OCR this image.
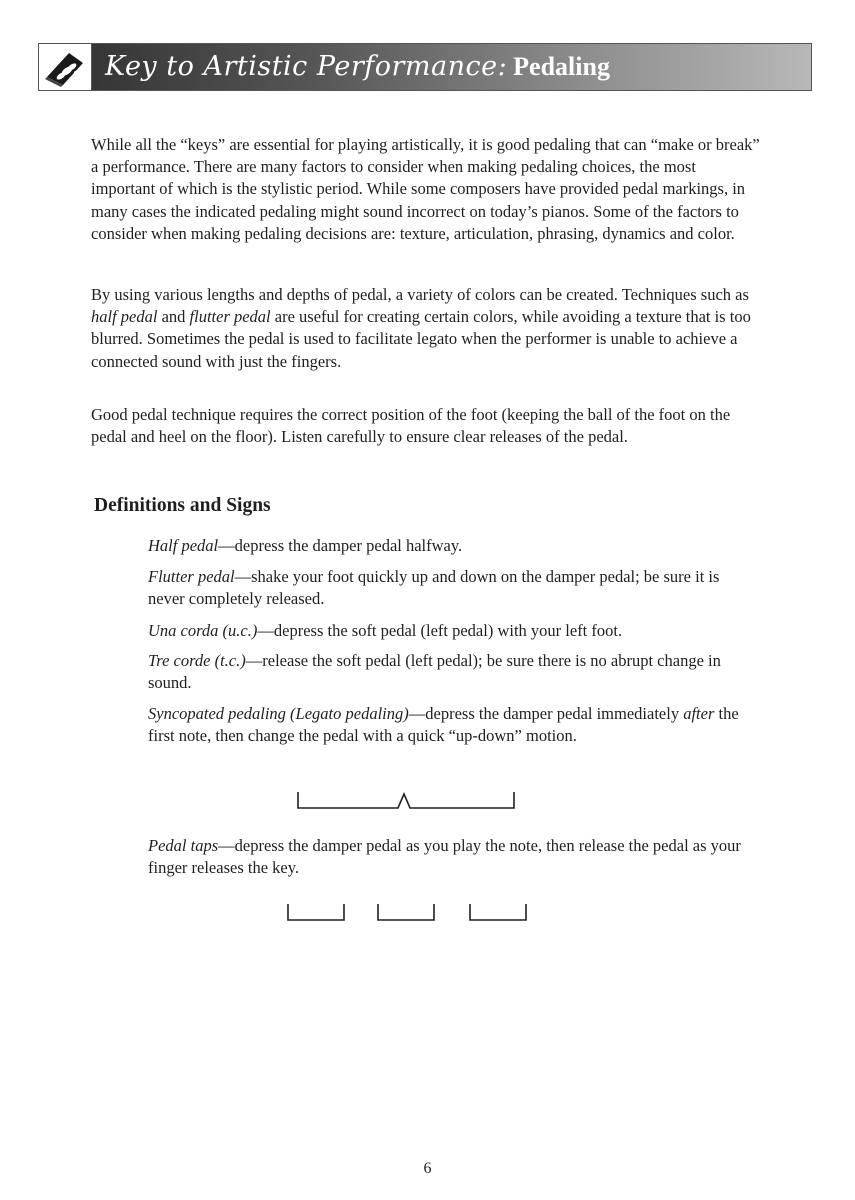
Key to Artistic Performance: Pedaling

While all the “keys” are essential for playing artistically, it is good pedaling that can “make or break” a performance. There are many factors to consider when making pedaling choices, the most important of which is the stylistic period. While some composers have provided pedal markings, in many cases the indicated pedaling might sound incorrect on today’s pianos. Some of the factors to consider when making pedaling decisions are: texture, articulation, phrasing, dynamics and color.

By using various lengths and depths of pedal, a variety of colors can be created. Techniques such as half pedal and flutter pedal are useful for creating certain colors, while avoiding a texture that is too blurred. Sometimes the pedal is used to facilitate legato when the performer is unable to achieve a connected sound with just the fingers.

Good pedal technique requires the correct position of the foot (keeping the ball of the foot on the pedal and heel on the floor). Listen carefully to ensure clear releases of the pedal.

Definitions and Signs

Half pedal—depress the damper pedal halfway.

Flutter pedal—shake your foot quickly up and down on the damper pedal; be sure it is never completely released.

Una corda (u.c.)—depress the soft pedal (left pedal) with your left foot.

Tre corde (t.c.)—release the soft pedal (left pedal); be sure there is no abrupt change in sound.

Syncopated pedaling (Legato pedaling)—depress the damper pedal immediately after the first note, then change the pedal with a quick “up-down” motion.

Pedal taps—depress the damper pedal as you play the note, then release the pedal as your finger releases the key.

6
